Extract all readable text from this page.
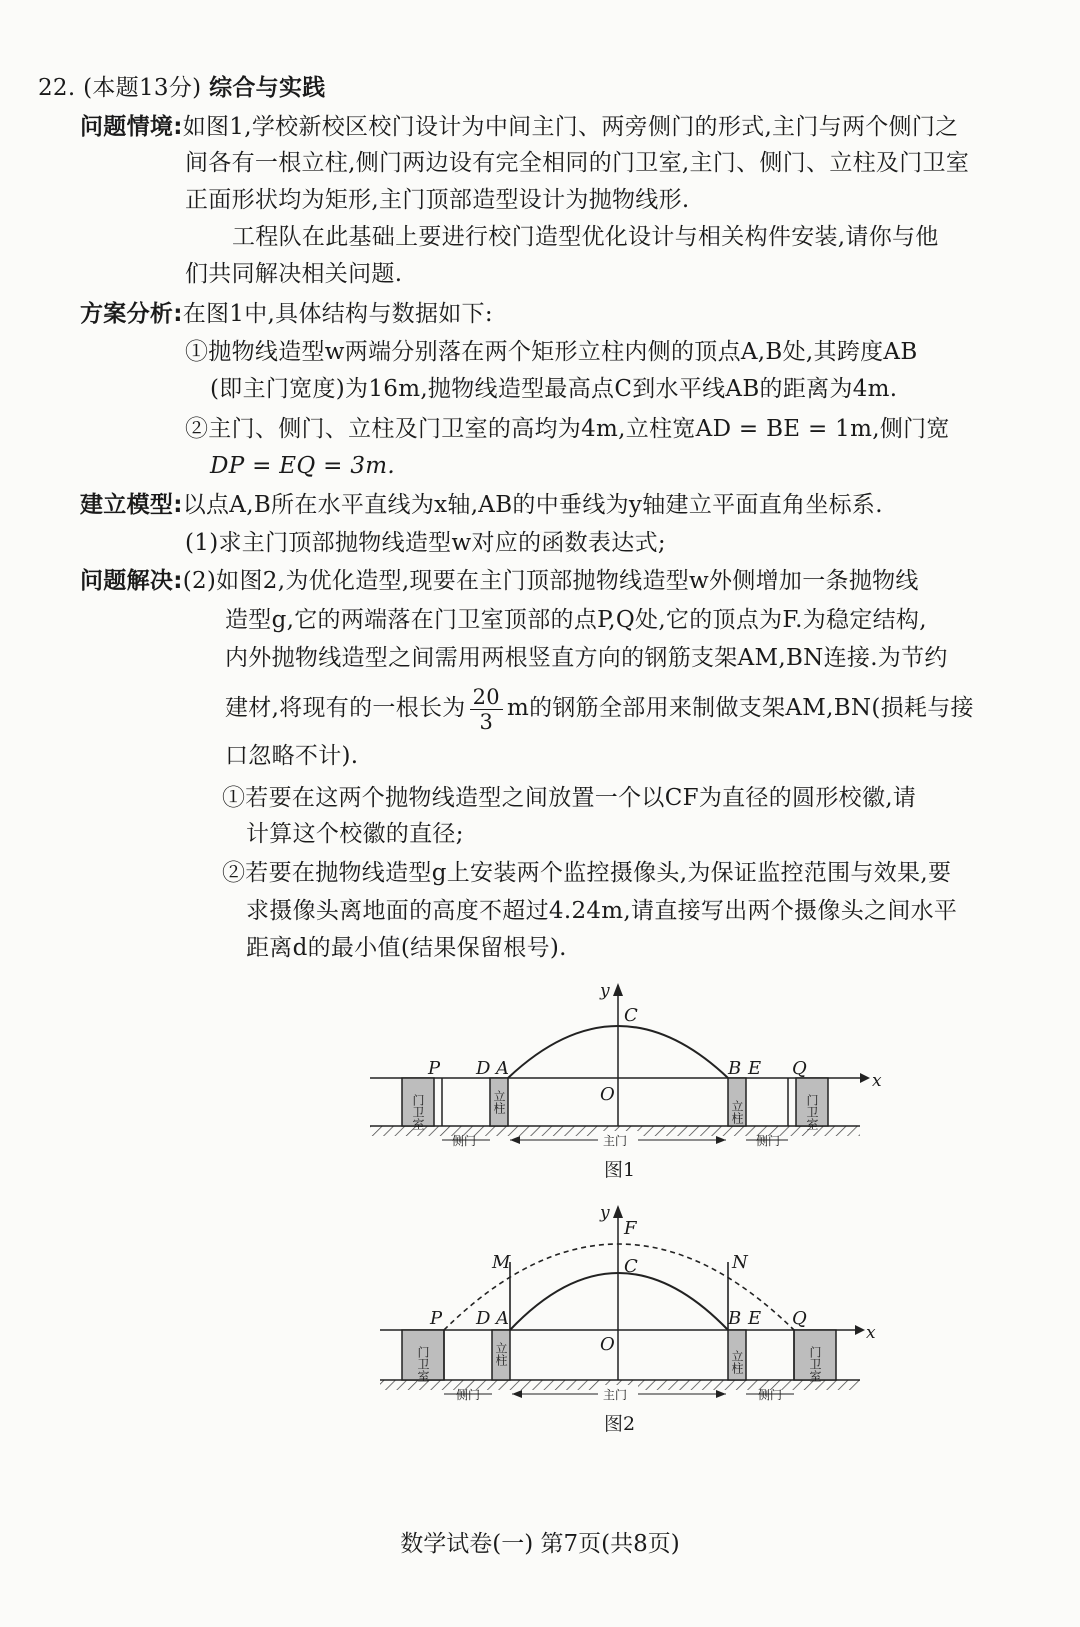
22. (本题13分) 综合与实践
问题情境:如图1,学校新校区校门设计为中间主门、两旁侧门的形式,主门与两个侧门之
间各有一根立柱,侧门两边设有完全相同的门卫室,主门、侧门、立柱及门卫室
正面形状均为矩形,主门顶部造型设计为抛物线形.
工程队在此基础上要进行校门造型优化设计与相关构件安装,请你与他
们共同解决相关问题.
方案分析:在图1中,具体结构与数据如下:
①抛物线造型w两端分别落在两个矩形立柱内侧的顶点A,B处,其跨度AB
(即主门宽度)为16m,抛物线造型最高点C到水平线AB的距离为4m.
②主门、侧门、立柱及门卫室的高均为4m,立柱宽AD = BE = 1m,侧门宽
DP = EQ = 3m.
建立模型:以点A,B所在水平直线为x轴,AB的中垂线为y轴建立平面直角坐标系.
(1)求主门顶部抛物线造型w对应的函数表达式;
问题解决:(2)如图2,为优化造型,现要在主门顶部抛物线造型w外侧增加一条抛物线
造型g,它的两端落在门卫室顶部的点P,Q处,它的顶点为F.为稳定结构,
内外抛物线造型之间需用两根竖直方向的钢筋支架AM,BN连接.为节约
建材,将现有的一根长为 $\frac{20}{3}$ m的钢筋全部用来制做支架AM,BN(损耗与接
口忽略不计).
①若要在这两个抛物线造型之间放置一个以CF为直径的圆形校徽,请
计算这个校徽的直径;
②若要在抛物线造型g上安装两个监控摄像头,为保证监控范围与效果,要
求摄像头离地面的高度不超过4.24m,请直接写出两个摄像头之间水平
距离d的最小值(结果保留根号).
y
C
P D A
O
B E Q
x
门卫室	门卫室
立柱	立柱
侧门	主门	侧门
图1
y
F
C
M	N
P D A
O
B E Q
x
门卫室	门卫室
立柱	立柱
侧门	主门	侧门
图2
数学试卷(一) 第7页(共8页)
